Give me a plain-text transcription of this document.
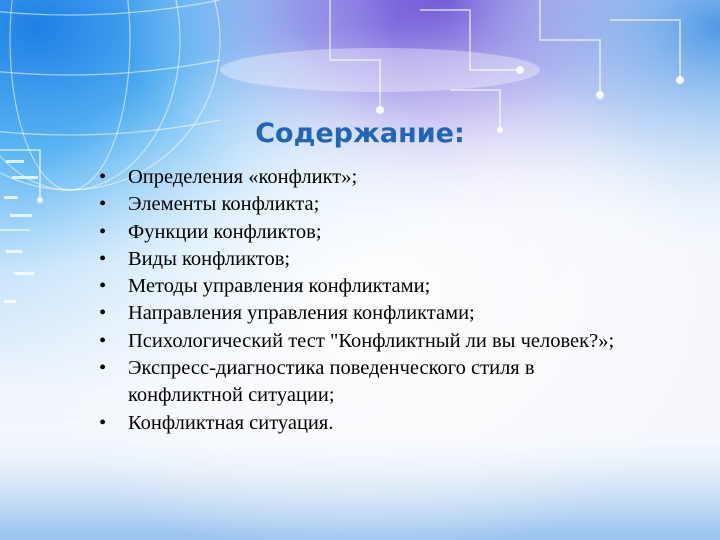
Содержание:
• Определения «конфликт»;
• Элементы конфликта;
• Функции конфликтов;
• Виды конфликтов;
• Методы управления конфликтами;
• Направления управления конфликтами;
• Психологический тест "Конфликтный ли вы человек?»;
• Экспресс-диагностика поведенческого стиля в конфликтной ситуации;
• Конфликтная ситуация.
